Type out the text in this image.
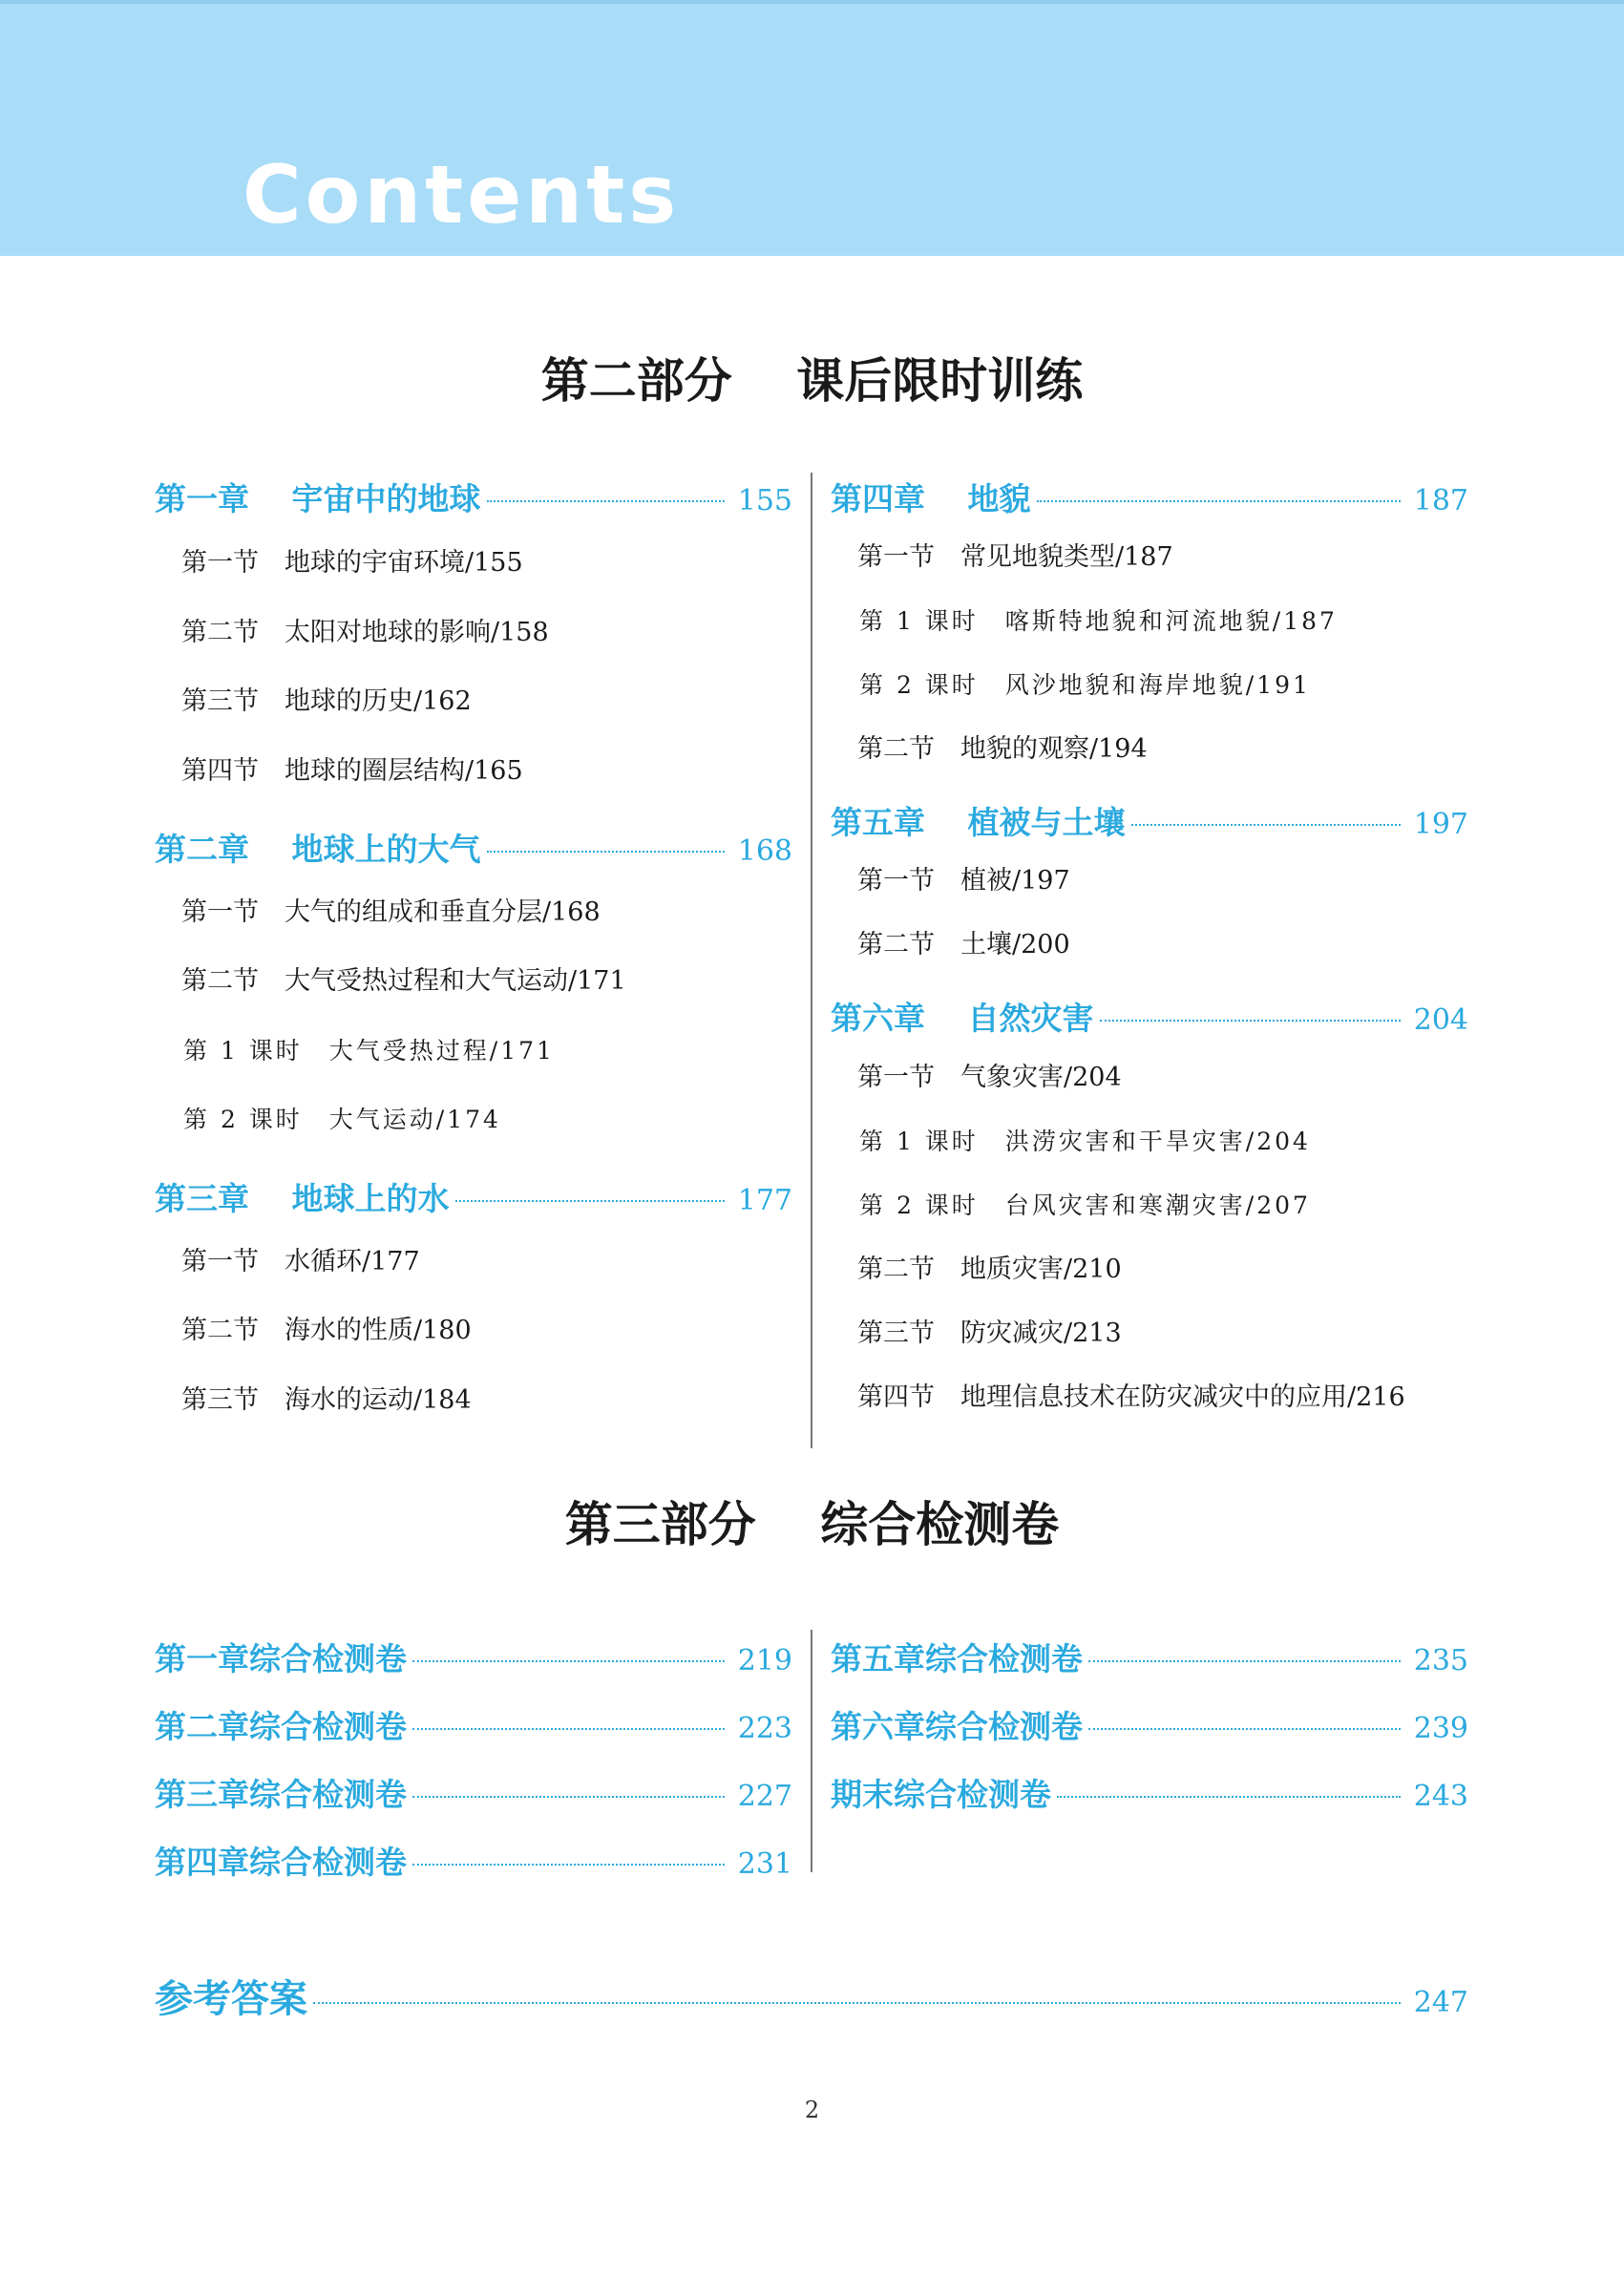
Contents
第二部分　 课后限时训练
第一章　 宇宙中的地球	155
第一节　地球的宇宙环境/155
第二节　太阳对地球的影响/158
第三节　地球的历史/162
第四节　地球的圈层结构/165
第二章　 地球上的大气	168
第一节　大气的组成和垂直分层/168
第二节　大气受热过程和大气运动/171
第 1 课时　大气受热过程/171
第 2 课时　大气运动/174
第三章　 地球上的水	177
第一节　水循环/177
第二节　海水的性质/180
第三节　海水的运动/184
第四章　 地貌	187
第一节　常见地貌类型/187
第 1 课时　喀斯特地貌和河流地貌/187
第 2 课时　风沙地貌和海岸地貌/191
第二节　地貌的观察/194
第五章　 植被与土壤	197
第一节　植被/197
第二节　土壤/200
第六章　 自然灾害	204
第一节　气象灾害/204
第 1 课时　洪涝灾害和干旱灾害/204
第 2 课时　台风灾害和寒潮灾害/207
第二节　地质灾害/210
第三节　防灾减灾/213
第四节　地理信息技术在防灾减灾中的应用/216
第三部分　 综合检测卷
第一章综合检测卷	219
第二章综合检测卷	223
第三章综合检测卷	227
第四章综合检测卷	231
第五章综合检测卷	235
第六章综合检测卷	239
期末综合检测卷	243
参考答案	247
2
